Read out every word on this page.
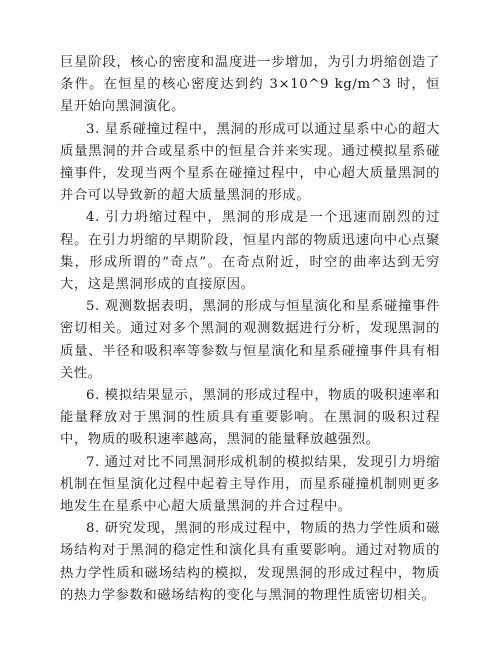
巨星阶段，核心的密度和温度进一步增加，为引力坍缩创造了条件。在恒星的核心密度达到约 3×10^9 kg/m^3 时，恒星开始向黑洞演化。

3. 星系碰撞过程中，黑洞的形成可以通过星系中心的超大质量黑洞的并合或星系中的恒星合并来实现。通过模拟星系碰撞事件，发现当两个星系在碰撞过程中，中心超大质量黑洞的并合可以导致新的超大质量黑洞的形成。

4. 引力坍缩过程中，黑洞的形成是一个迅速而剧烈的过程。在引力坍缩的早期阶段，恒星内部的物质迅速向中心点聚集，形成所谓的“奇点”。在奇点附近，时空的曲率达到无穷大，这是黑洞形成的直接原因。

5. 观测数据表明，黑洞的形成与恒星演化和星系碰撞事件密切相关。通过对多个黑洞的观测数据进行分析，发现黑洞的质量、半径和吸积率等参数与恒星演化和星系碰撞事件具有相关性。

6. 模拟结果显示，黑洞的形成过程中，物质的吸积速率和能量释放对于黑洞的性质具有重要影响。在黑洞的吸积过程中，物质的吸积速率越高，黑洞的能量释放越强烈。

7. 通过对比不同黑洞形成机制的模拟结果，发现引力坍缩机制在恒星演化过程中起着主导作用，而星系碰撞机制则更多地发生在星系中心超大质量黑洞的并合过程中。

8. 研究发现，黑洞的形成过程中，物质的热力学性质和磁场结构对于黑洞的稳定性和演化具有重要影响。通过对物质的热力学性质和磁场结构的模拟，发现黑洞的形成过程中，物质的热力学参数和磁场结构的变化与黑洞的物理性质密切相关。
